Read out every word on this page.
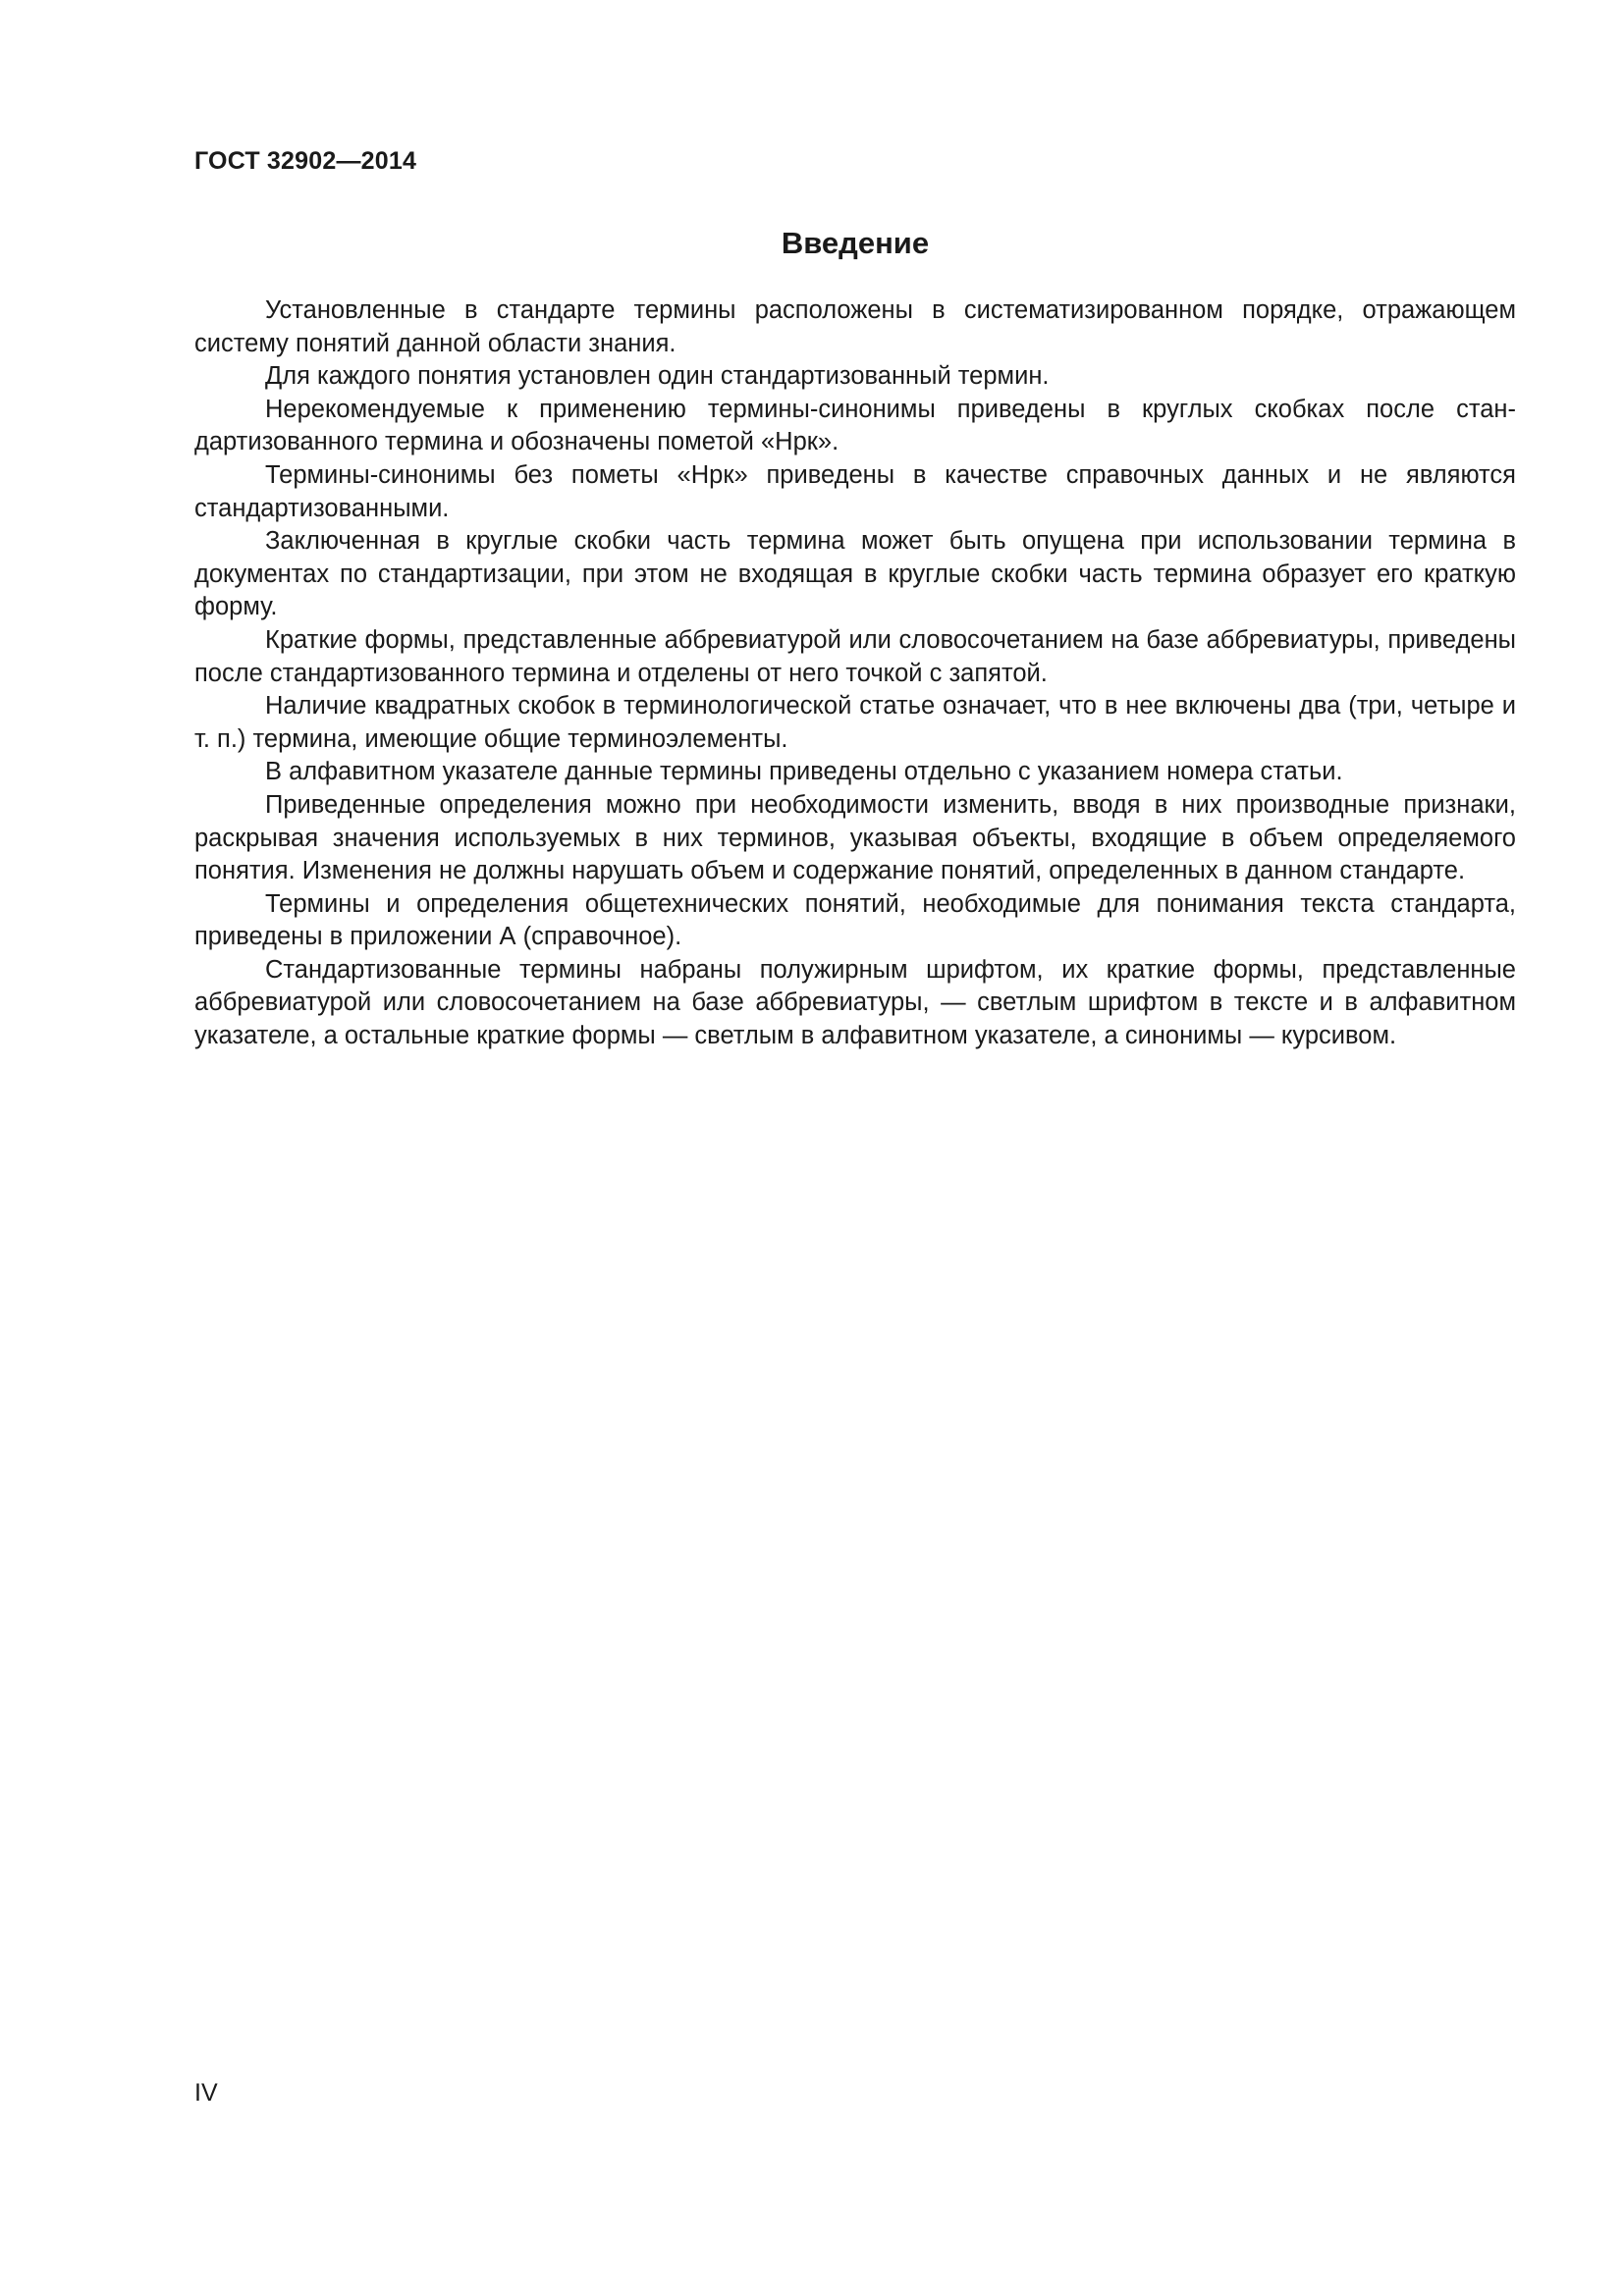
ГОСТ 32902—2014

Введение

Установленные в стандарте термины расположены в систематизированном порядке, отражающем систему понятий данной области знания.

Для каждого понятия установлен один стандартизованный термин.

Нерекомендуемые к применению термины-синонимы приведены в круглых скобках после стандартизованного термина и обозначены пометой «Нрк».

Термины-синонимы без пометы «Нрк» приведены в качестве справочных данных и не являются стандартизованными.

Заключенная в круглые скобки часть термина может быть опущена при использовании термина в документах по стандартизации, при этом не входящая в круглые скобки часть термина образует его краткую форму.

Краткие формы, представленные аббревиатурой или словосочетанием на базе аббревиатуры, приведены после стандартизованного термина и отделены от него точкой с запятой.

Наличие квадратных скобок в терминологической статье означает, что в нее включены два (три, четыре и т. п.) термина, имеющие общие терминоэлементы.

В алфавитном указателе данные термины приведены отдельно с указанием номера статьи.

Приведенные определения можно при необходимости изменить, вводя в них производные признаки, раскрывая значения используемых в них терминов, указывая объекты, входящие в объем определяемого понятия. Изменения не должны нарушать объем и содержание понятий, определенных в данном стандарте.

Термины и определения общетехнических понятий, необходимые для понимания текста стандарта, приведены в приложении А (справочное).

Стандартизованные термины набраны полужирным шрифтом, их краткие формы, представленные аббревиатурой или словосочетанием на базе аббревиатуры, — светлым шрифтом в тексте и в алфавитном указателе, а остальные краткие формы — светлым в алфавитном указателе, а синонимы — курсивом.

IV
